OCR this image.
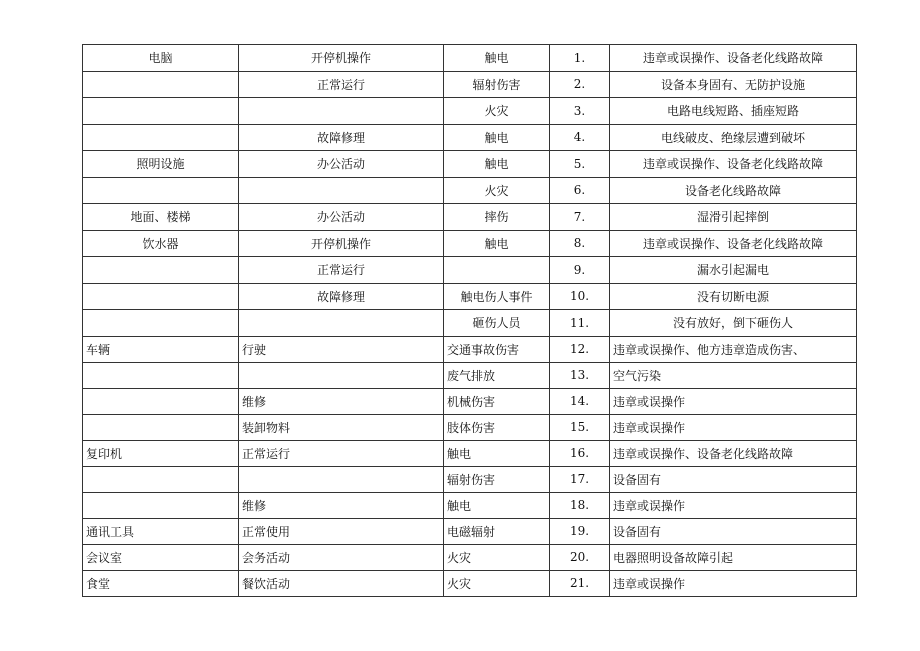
电脑	开停机操作	触电	1.	违章或误操作、设备老化线路故障
	正常运行	辐射伤害	2.	设备本身固有、无防护设施
		火灾	3.	电路电线短路、插座短路
	故障修理	触电	4.	电线破皮、绝缘层遭到破坏
照明设施	办公活动	触电	5.	违章或误操作、设备老化线路故障
		火灾	6.	设备老化线路故障
地面、楼梯	办公活动	摔伤	7.	湿滑引起摔倒
饮水器	开停机操作	触电	8.	违章或误操作、设备老化线路故障
	正常运行		9.	漏水引起漏电
	故障修理	触电伤人事件	10.	没有切断电源
		砸伤人员	11.	没有放好，倒下砸伤人
车辆	行驶	交通事故伤害	12.	违章或误操作、他方违章造成伤害、
		废气排放	13.	空气污染
	维修	机械伤害	14.	违章或误操作
	装卸物料	肢体伤害	15.	违章或误操作
复印机	正常运行	触电	16.	违章或误操作、设备老化线路故障
		辐射伤害	17.	设备固有
	维修	触电	18.	违章或误操作
通讯工具	正常使用	电磁辐射	19.	设备固有
会议室	会务活动	火灾	20.	电器照明设备故障引起
食堂	餐饮活动	火灾	21.	违章或误操作
